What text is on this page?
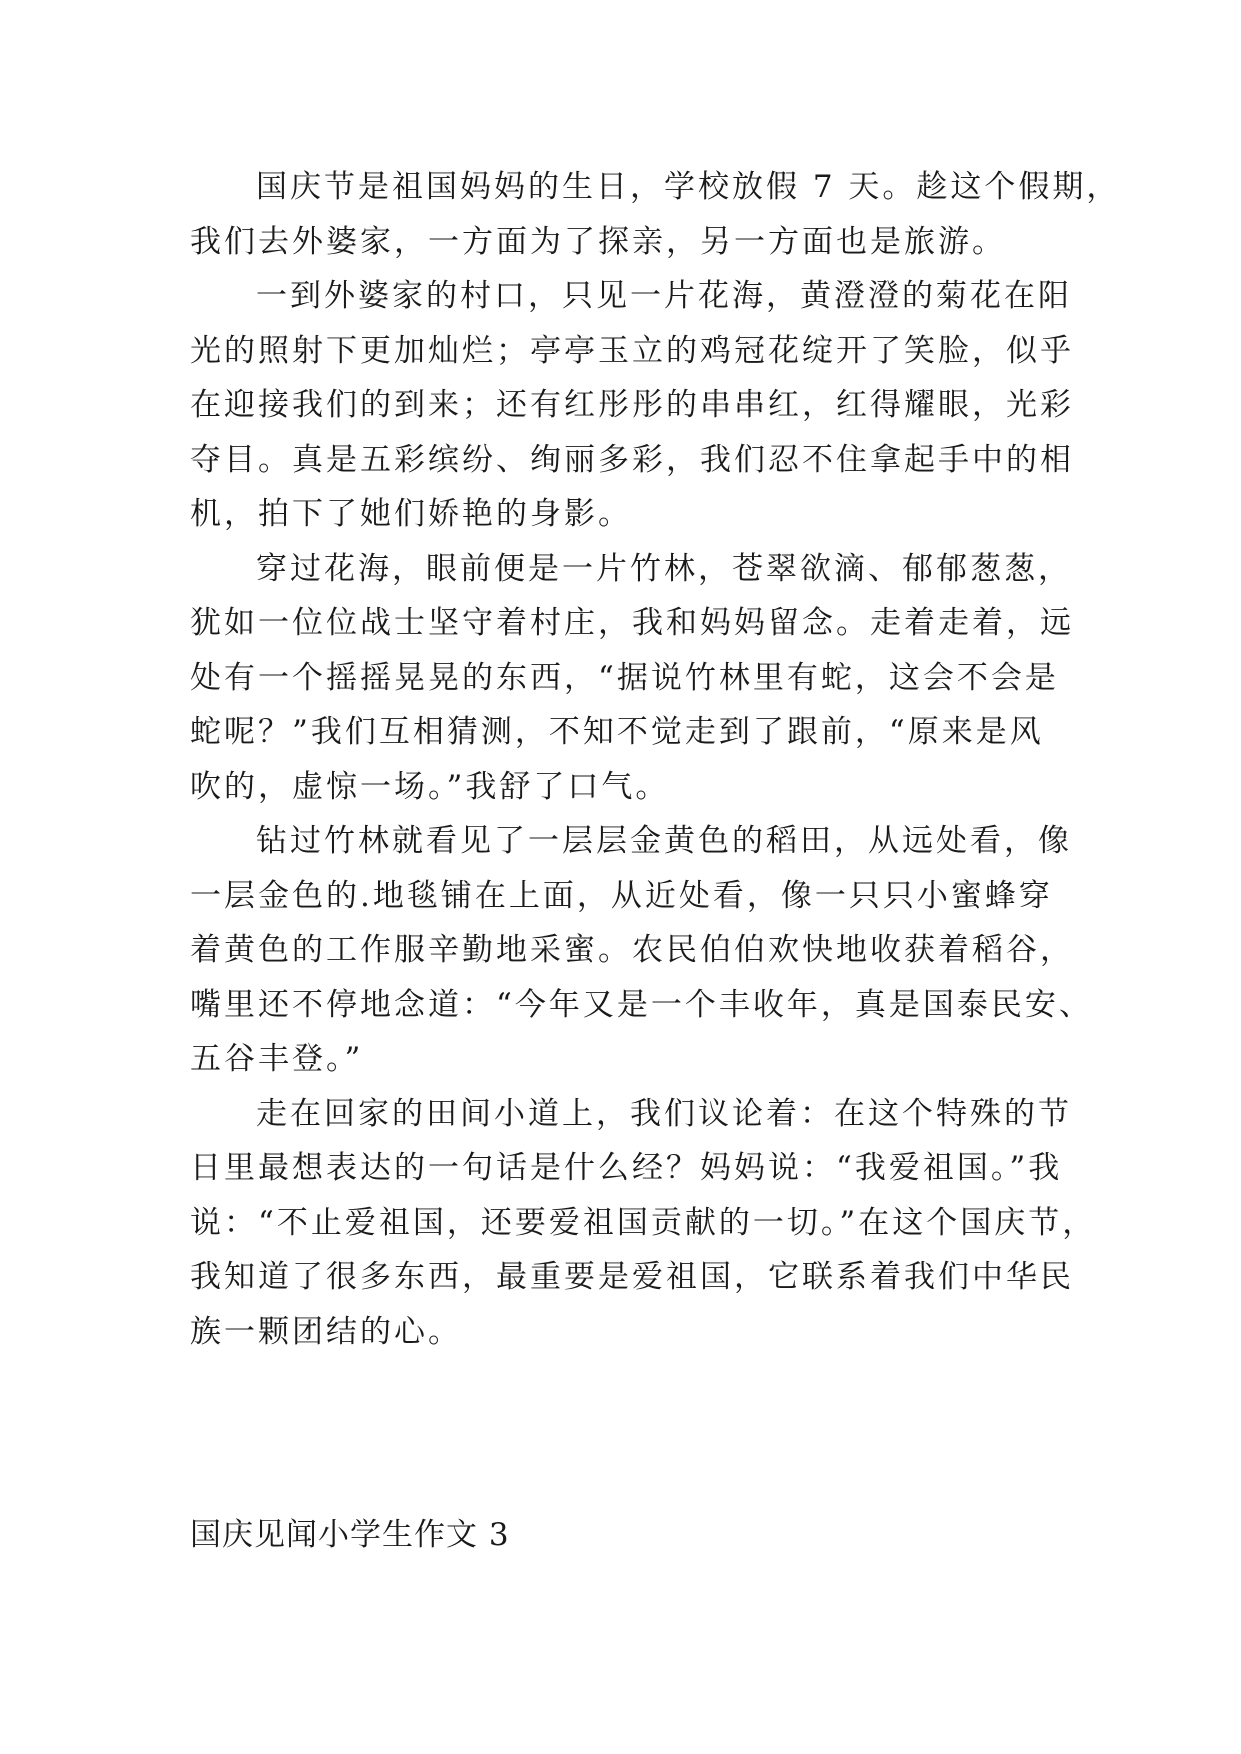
国庆节是祖国妈妈的生日，学校放假 7 天。趁这个假期，
我们去外婆家，一方面为了探亲，另一方面也是旅游。

一到外婆家的村口，只见一片花海，黄澄澄的菊花在阳
光的照射下更加灿烂；亭亭玉立的鸡冠花绽开了笑脸，似乎
在迎接我们的到来；还有红彤彤的串串红，红得耀眼，光彩
夺目。真是五彩缤纷、绚丽多彩，我们忍不住拿起手中的相
机，拍下了她们娇艳的身影。

穿过花海，眼前便是一片竹林，苍翠欲滴、郁郁葱葱，
犹如一位位战士坚守着村庄，我和妈妈留念。走着走着，远
处有一个摇摇晃晃的东西，“据说竹林里有蛇，这会不会是
蛇呢？”我们互相猜测，不知不觉走到了跟前，“原来是风
吹的，虚惊一场。”我舒了口气。

钻过竹林就看见了一层层金黄色的稻田，从远处看，像
一层金色的.地毯铺在上面，从近处看，像一只只小蜜蜂穿
着黄色的工作服辛勤地采蜜。农民伯伯欢快地收获着稻谷，
嘴里还不停地念道：“今年又是一个丰收年，真是国泰民安、
五谷丰登。”

走在回家的田间小道上，我们议论着：在这个特殊的节
日里最想表达的一句话是什么经？妈妈说：“我爱祖国。”我
说：“不止爱祖国，还要爱祖国贡献的一切。”在这个国庆节，
我知道了很多东西，最重要是爱祖国，它联系着我们中华民
族一颗团结的心。

国庆见闻小学生作文 3
